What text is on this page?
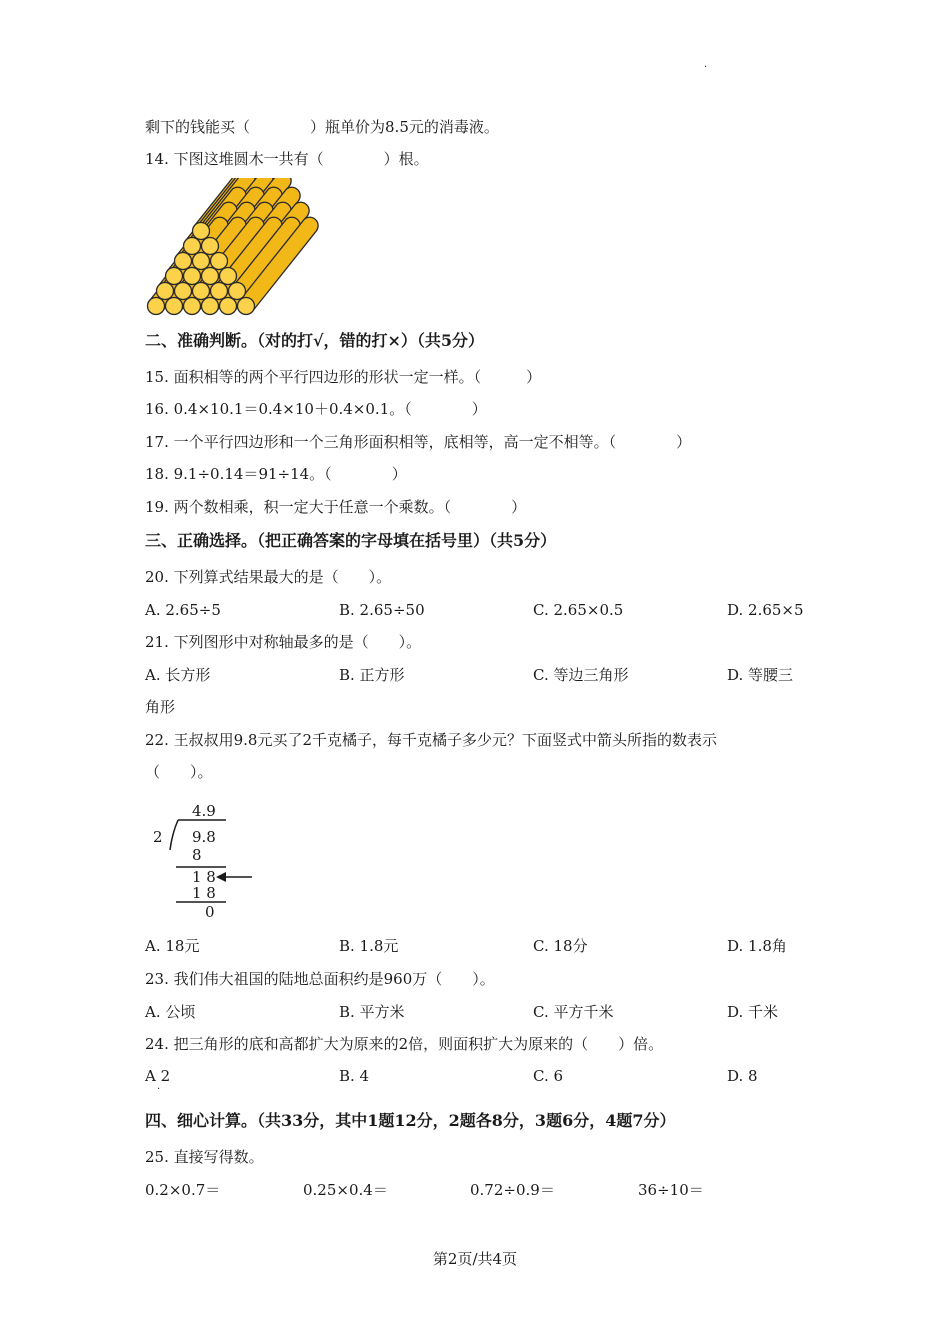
·
剩下的钱能买（　　　　）瓶单价为8.5元的消毒液。
14. 下图这堆圆木一共有（　　　　）根。
二、准确判断。（对的打√，错的打×）（共5分）
15. 面积相等的两个平行四边形的形状一定一样。（　　　）
16. 0.4×10.1＝0.4×10＋0.4×0.1。（　　　　）
17. 一个平行四边形和一个三角形面积相等，底相等，高一定不相等。（　　　　）
18. 9.1÷0.14＝91÷14。（　　　　）
19. 两个数相乘，积一定大于任意一个乘数。（　　　　）
三、正确选择。（把正确答案的字母填在括号里）（共5分）
20. 下列算式结果最大的是（　　）。
A. 2.65÷5	B. 2.65÷50	C. 2.65×0.5	D. 2.65×5
21. 下列图形中对称轴最多的是（　　）。
A. 长方形	B. 正方形	C. 等边三角形	D. 等腰三
角形
22. 王叔叔用9.8元买了2千克橘子，每千克橘子多少元？下面竖式中箭头所指的数表示
（　　）。
4.9
2 9.8
8
1 8
1 8
0
A. 18元	B. 1.8元	C. 18分	D. 1.8角
23. 我们伟大祖国的陆地总面积约是960万（　　）。
A. 公顷	B. 平方米	C. 平方千米	D. 千米
24. 把三角形的底和高都扩大为原来的2倍，则面积扩大为原来的（　　）倍。
A 2	B. 4	C. 6	D. 8
·
四、细心计算。（共33分，其中1题12分，2题各8分，3题6分，4题7分）
25. 直接写得数。
0.2×0.7＝	0.25×0.4＝	0.72÷0.9＝	36÷10＝
第2页/共4页
